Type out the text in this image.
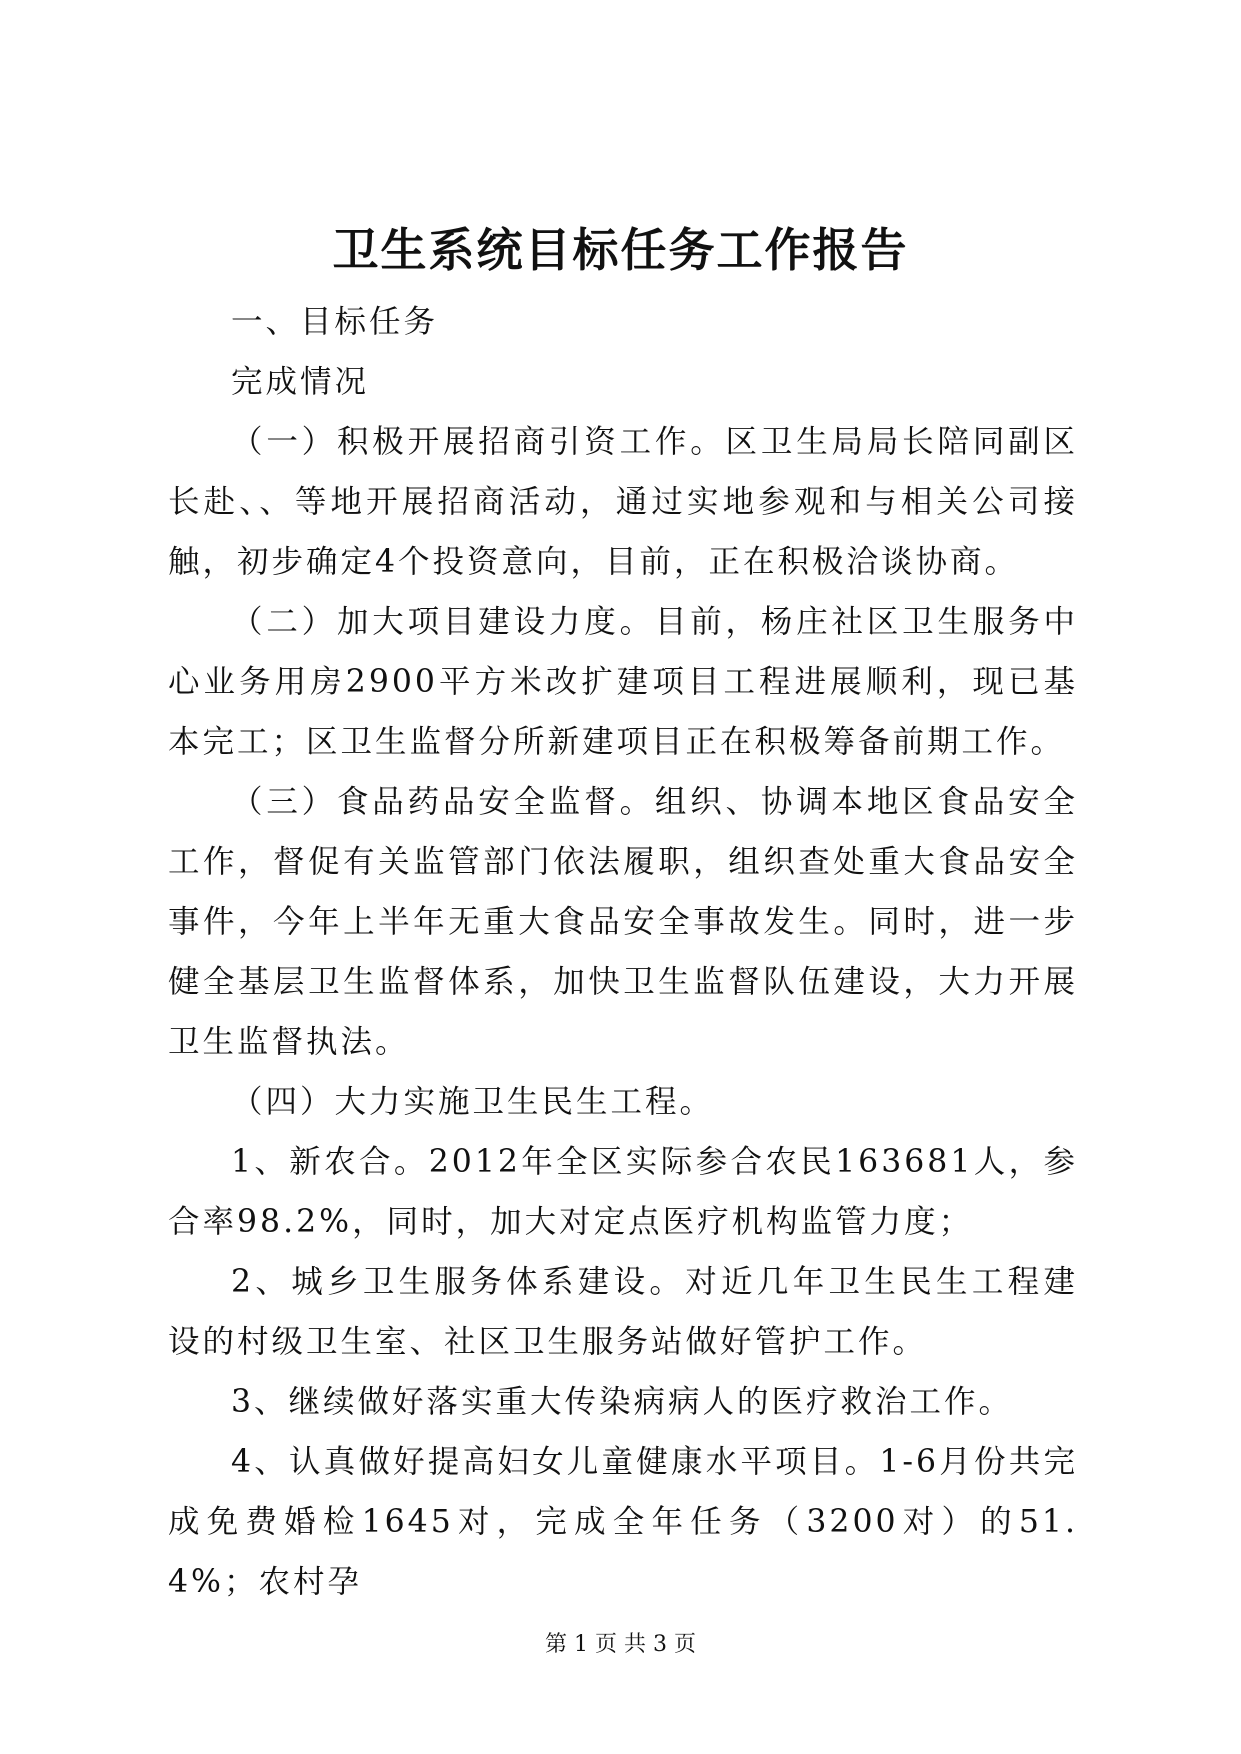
卫生系统目标任务工作报告

一、目标任务

完成情况

（一）积极开展招商引资工作。区卫生局局长陪同副区长赴、、等地开展招商活动，通过实地参观和与相关公司接触，初步确定4个投资意向，目前，正在积极洽谈协商。

（二）加大项目建设力度。目前，杨庄社区卫生服务中心业务用房2900平方米改扩建项目工程进展顺利，现已基本完工；区卫生监督分所新建项目正在积极筹备前期工作。

（三）食品药品安全监督。组织、协调本地区食品安全工作，督促有关监管部门依法履职，组织查处重大食品安全事件，今年上半年无重大食品安全事故发生。同时，进一步健全基层卫生监督体系，加快卫生监督队伍建设，大力开展卫生监督执法。

（四）大力实施卫生民生工程。

1、新农合。2012年全区实际参合农民163681人，参合率98.2%，同时，加大对定点医疗机构监管力度；

2、城乡卫生服务体系建设。对近几年卫生民生工程建设的村级卫生室、社区卫生服务站做好管护工作。

3、继续做好落实重大传染病病人的医疗救治工作。

4、认真做好提高妇女儿童健康水平项目。1-6月份共完成免费婚检1645对，完成全年任务（3200对）的51.4%；农村孕

第 1 页 共 3 页
